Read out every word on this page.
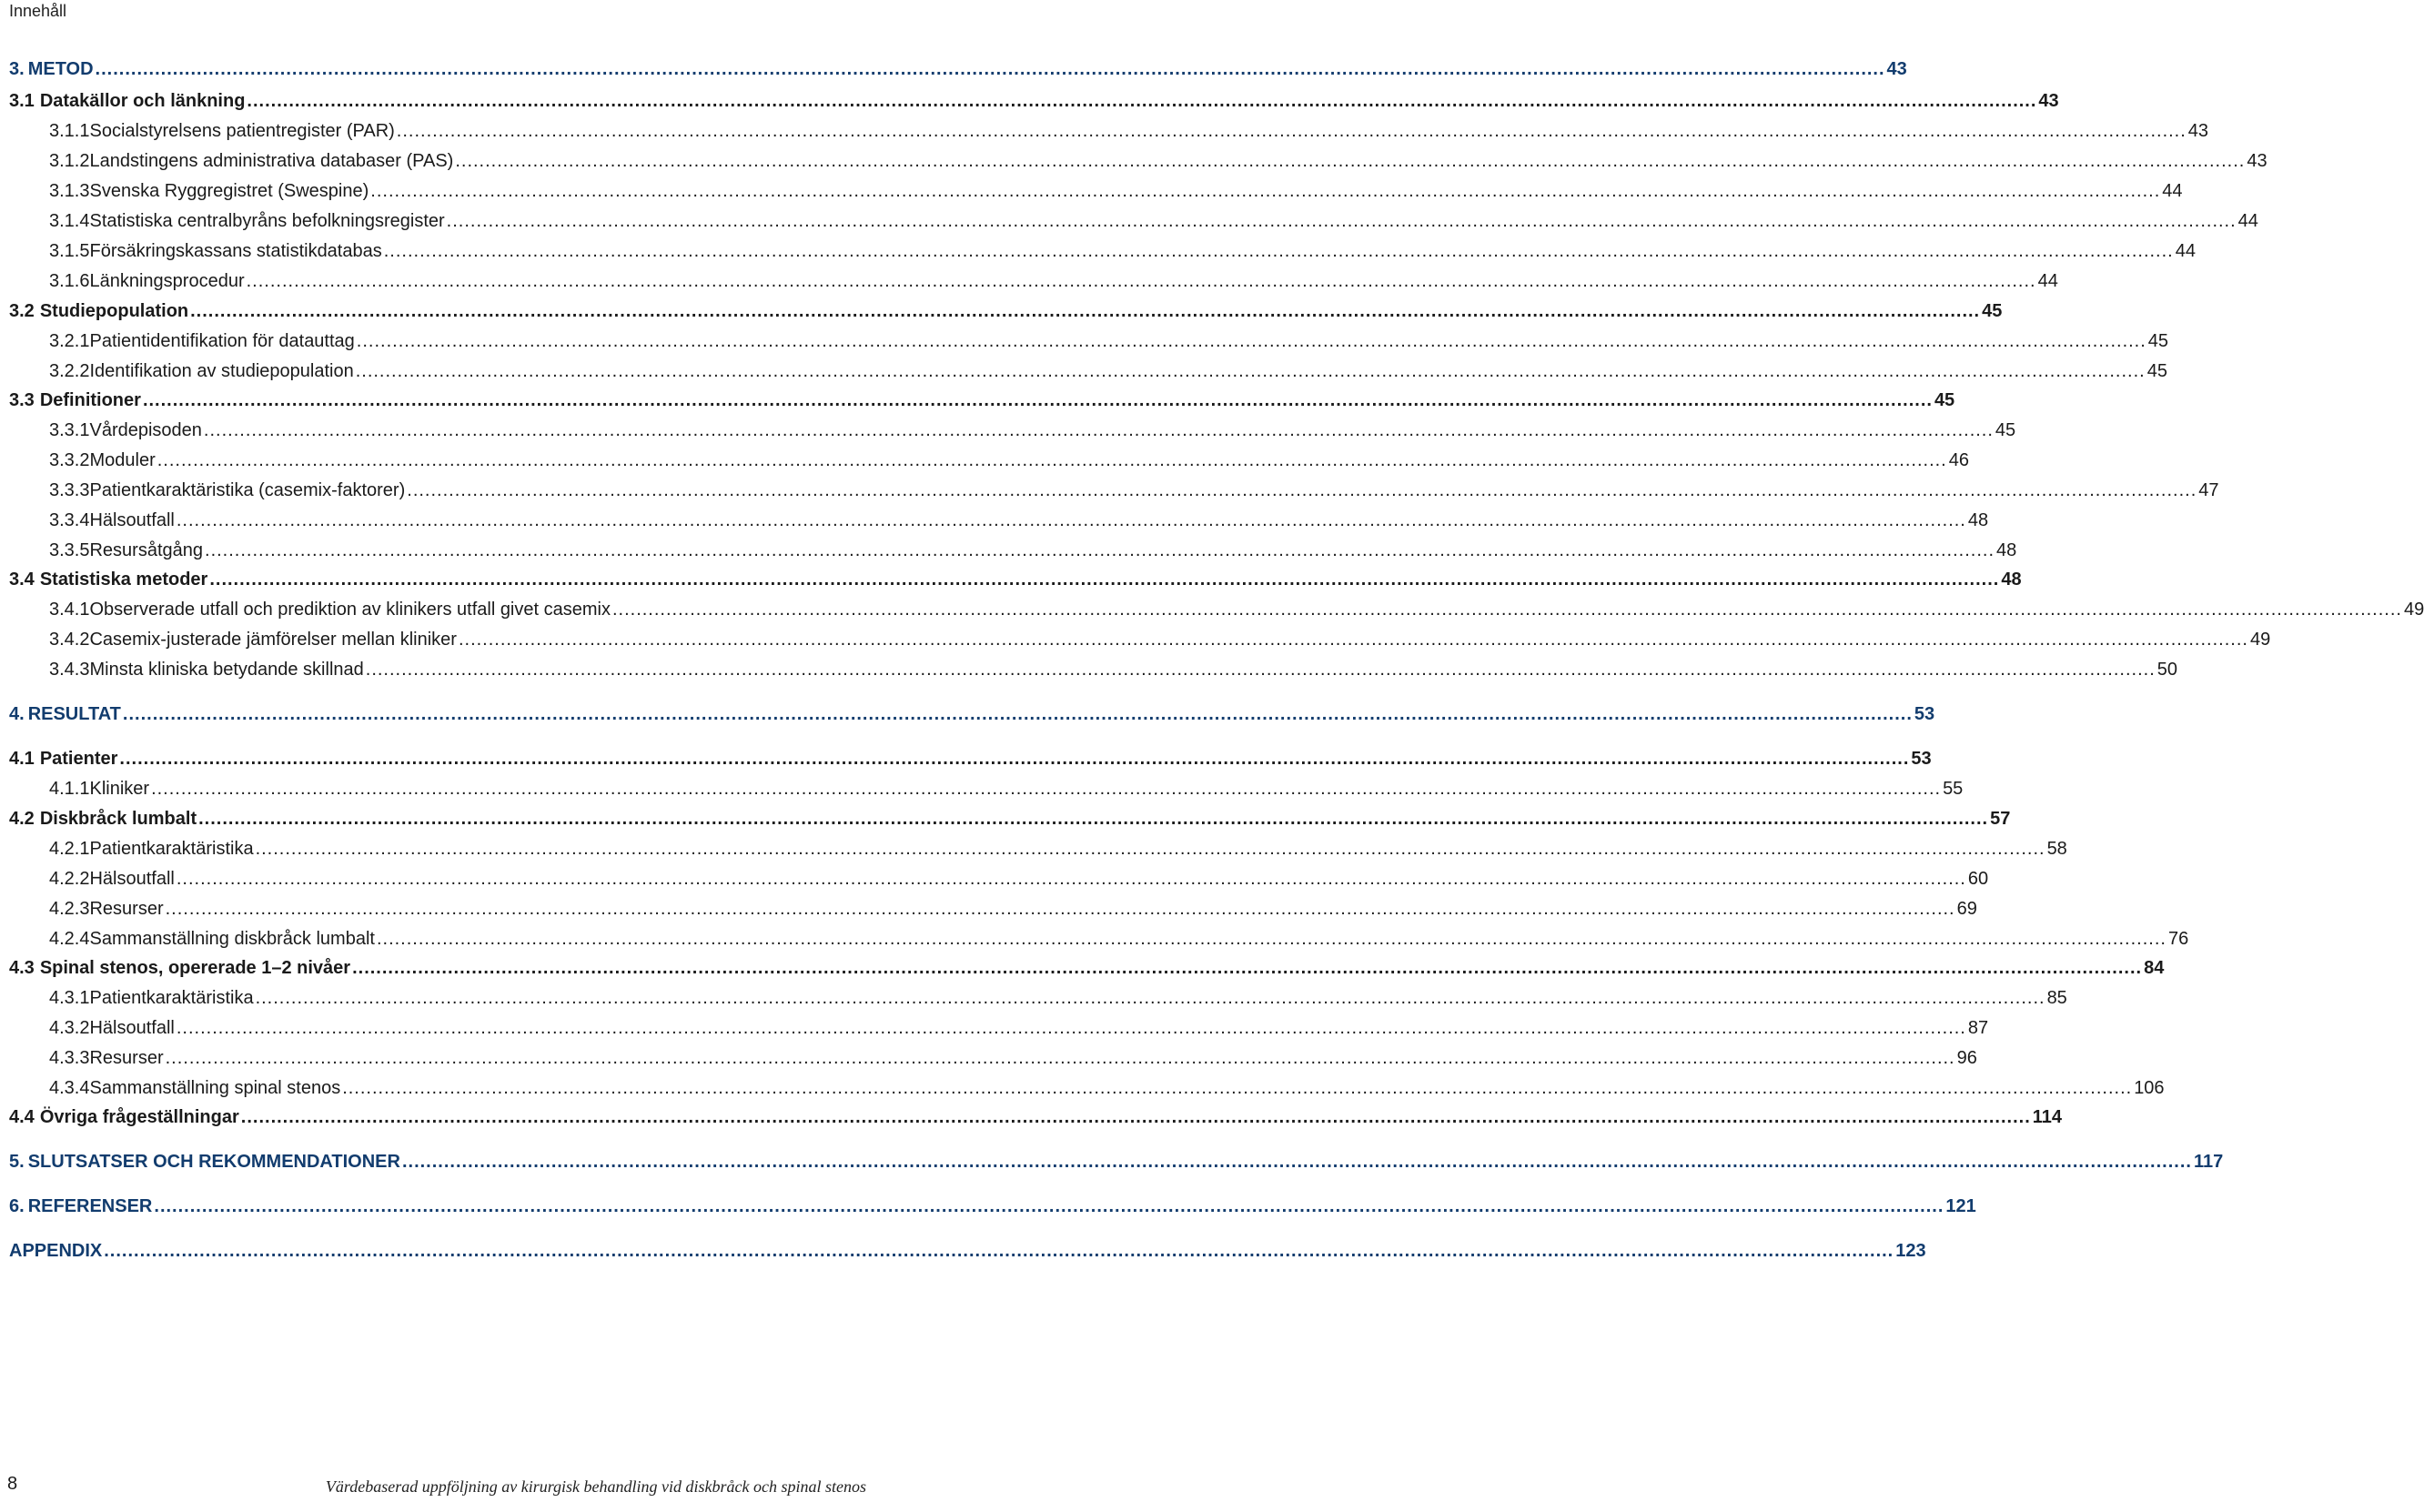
Innehåll
3. METOD ............................................................................................................................................................................................................................................................................................................ 43
3.1 Datakällor och länkning ............................................................................................................................................................................................................................................................................................................ 43
3.1.1 Socialstyrelsens patientregister (PAR) ............................................................................................................................................................................................................................................................................................................ 43
3.1.2 Landstingens administrativa databaser (PAS) ............................................................................................................................................................................................................................................................................................................ 43
3.1.3 Svenska Ryggregistret (Swespine) ............................................................................................................................................................................................................................................................................................................ 44
3.1.4 Statistiska centralbyråns befolkningsregister ............................................................................................................................................................................................................................................................................................................ 44
3.1.5 Försäkringskassans statistikdatabas ............................................................................................................................................................................................................................................................................................................ 44
3.1.6 Länkningsprocedur ............................................................................................................................................................................................................................................................................................................ 44
3.2 Studiepopulation ............................................................................................................................................................................................................................................................................................................ 45
3.2.1 Patientidentifikation för datauttag ............................................................................................................................................................................................................................................................................................................ 45
3.2.2 Identifikation av studiepopulation ............................................................................................................................................................................................................................................................................................................ 45
3.3 Definitioner ............................................................................................................................................................................................................................................................................................................ 45
3.3.1 Vårdepisoden ............................................................................................................................................................................................................................................................................................................ 45
3.3.2 Moduler ............................................................................................................................................................................................................................................................................................................ 46
3.3.3 Patientkaraktäristika (casemix-faktorer) ............................................................................................................................................................................................................................................................................................................ 47
3.3.4 Hälsoutfall ............................................................................................................................................................................................................................................................................................................ 48
3.3.5 Resursåtgång ............................................................................................................................................................................................................................................................................................................ 48
3.4 Statistiska metoder ............................................................................................................................................................................................................................................................................................................ 48
3.4.1 Observerade utfall och prediktion av klinikers utfall givet casemix ............................................................................................................................................................................................................................................................................................................ 49
3.4.2 Casemix-justerade jämförelser mellan kliniker ............................................................................................................................................................................................................................................................................................................ 49
3.4.3 Minsta kliniska betydande skillnad ............................................................................................................................................................................................................................................................................................................ 50
4. RESULTAT ............................................................................................................................................................................................................................................................................................................ 53
4.1 Patienter ............................................................................................................................................................................................................................................................................................................ 53
4.1.1 Kliniker ............................................................................................................................................................................................................................................................................................................ 55
4.2 Diskbråck lumbalt ............................................................................................................................................................................................................................................................................................................ 57
4.2.1 Patientkaraktäristika ............................................................................................................................................................................................................................................................................................................ 58
4.2.2 Hälsoutfall ............................................................................................................................................................................................................................................................................................................ 60
4.2.3 Resurser ............................................................................................................................................................................................................................................................................................................ 69
4.2.4 Sammanställning diskbråck lumbalt ............................................................................................................................................................................................................................................................................................................ 76
4.3 Spinal stenos, opererade 1–2 nivåer ............................................................................................................................................................................................................................................................................................................ 84
4.3.1 Patientkaraktäristika ............................................................................................................................................................................................................................................................................................................ 85
4.3.2 Hälsoutfall ............................................................................................................................................................................................................................................................................................................ 87
4.3.3 Resurser ............................................................................................................................................................................................................................................................................................................ 96
4.3.4 Sammanställning spinal stenos ............................................................................................................................................................................................................................................................................................................ 106
4.4 Övriga frågeställningar ............................................................................................................................................................................................................................................................................................................ 114
5. SLUTSATSER OCH REKOMMENDATIONER ............................................................................................................................................................................................................................................................................................................ 117
6. REFERENSER ............................................................................................................................................................................................................................................................................................................ 121
APPENDIX ............................................................................................................................................................................................................................................................................................................ 123
8	Värdebaserad uppföljning av kirurgisk behandling vid diskbråck och spinal stenos
